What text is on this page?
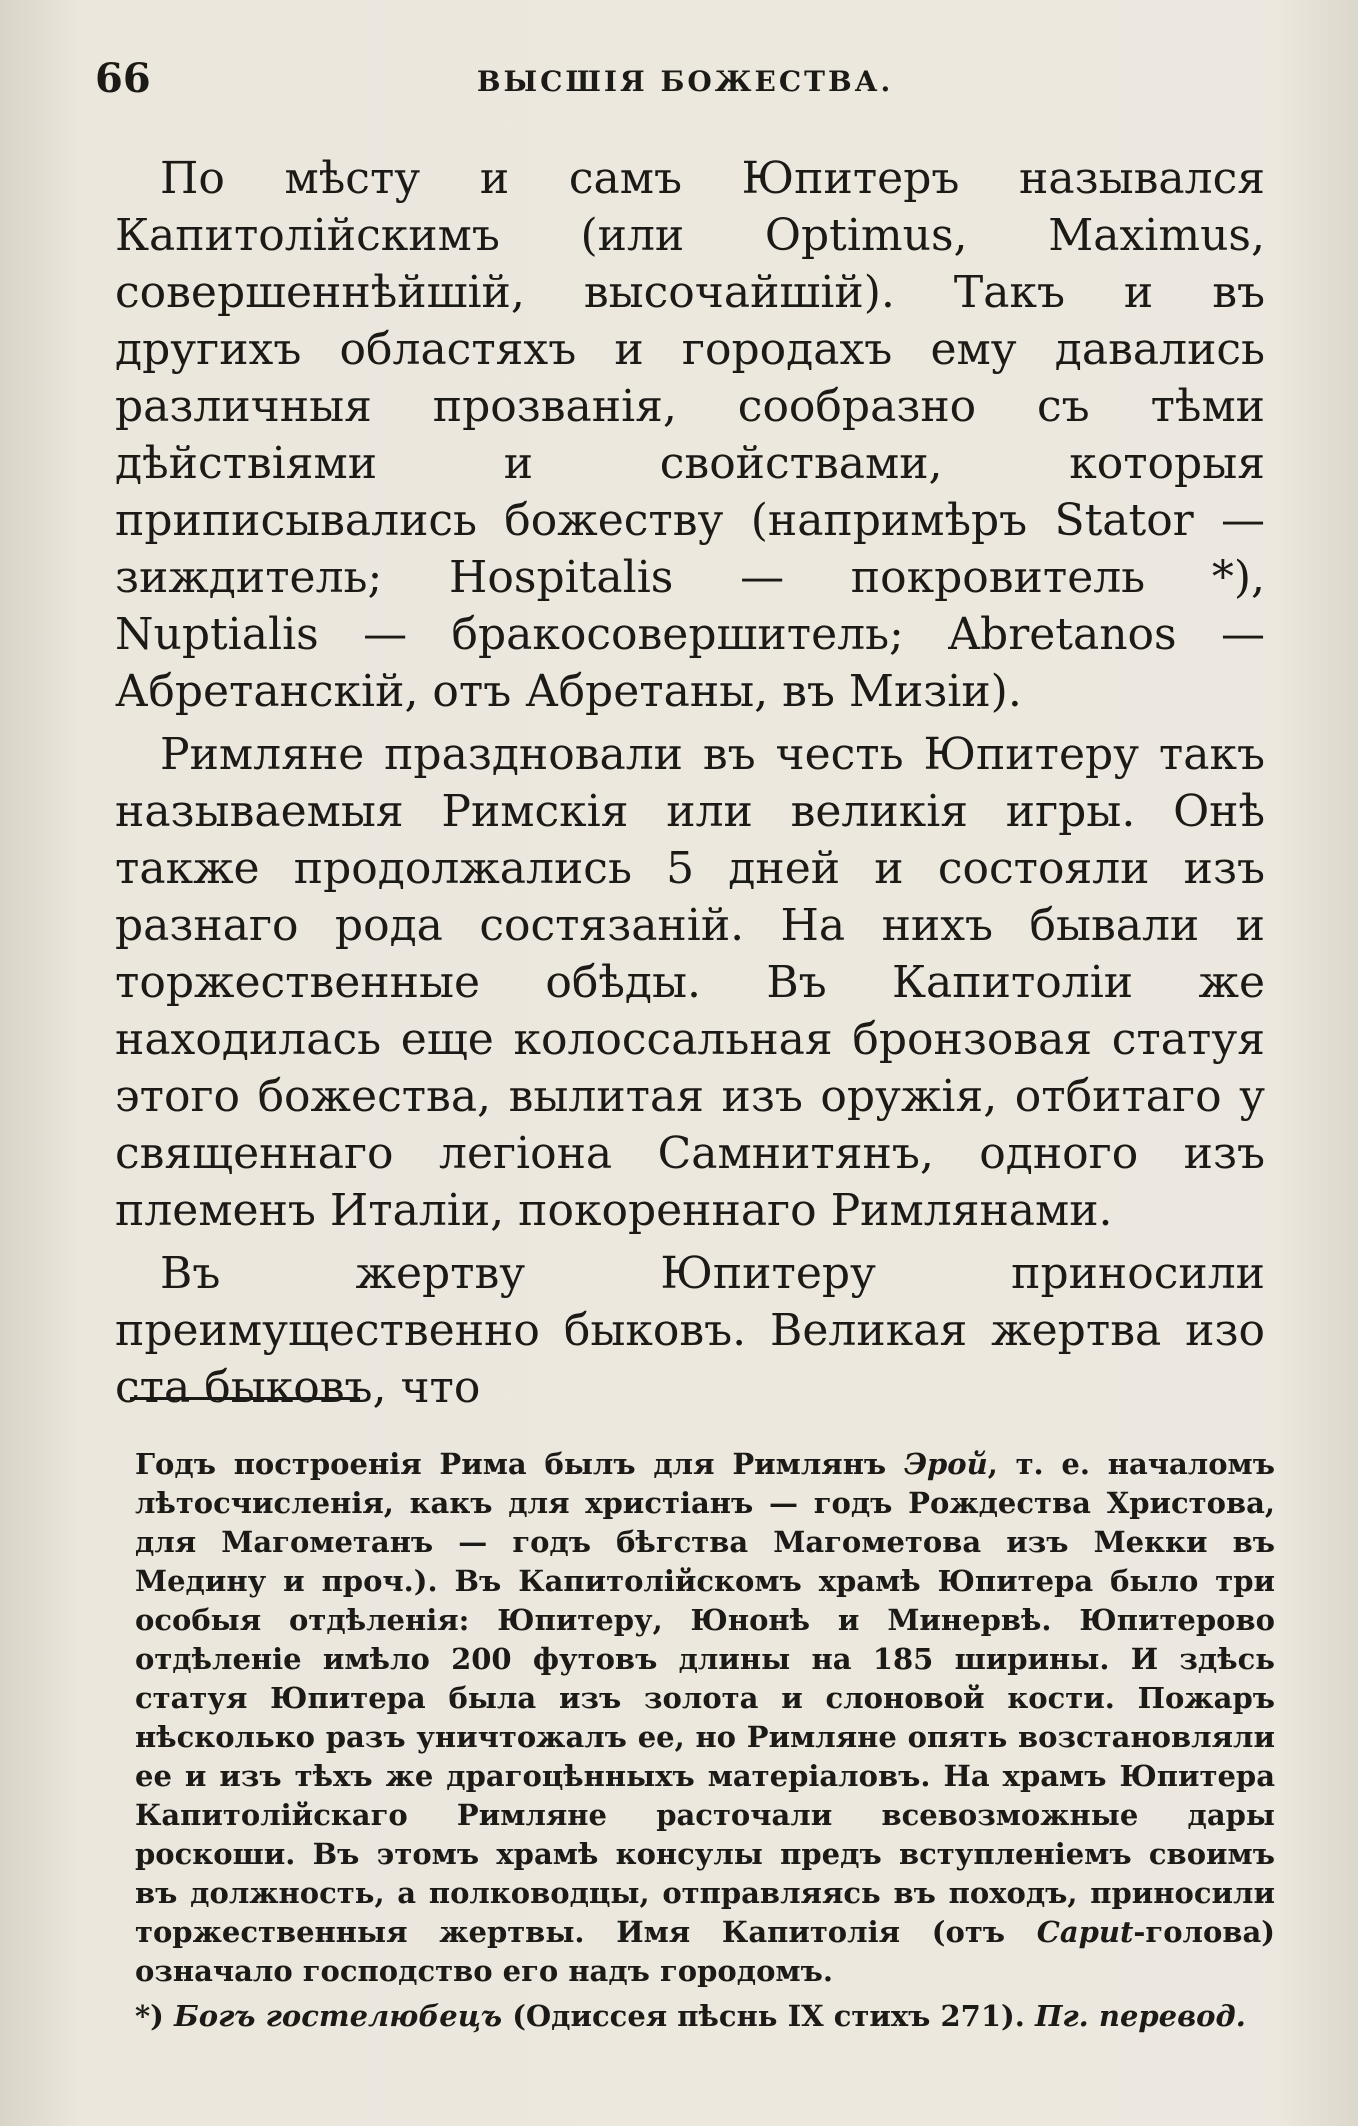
66	ВЫСШІЯ БОЖЕСТВА.

По мѣсту и самъ Юпитеръ назывался Капитолійскимъ (или Optimus, Maximus, совершеннѣйшій, высочайшій). Такъ и въ другихъ областяхъ и городахъ ему давались различныя прозванія, сообразно съ тѣми дѣйствіями и свойствами, которыя приписывались божеству (напримѣръ Stator — зиждитель; Hospitalis — покровитель *), Nuptialis — бракосовершитель; Abretanos — Абретанскій, отъ Абретаны, въ Мизіи).

Римляне праздновали въ честь Юпитеру такъ называемыя Римскія или великія игры. Онѣ также продолжались 5 дней и состояли изъ разнаго рода состязаній. На нихъ бывали и торжественные обѣды. Въ Капитоліи же находилась еще колоссальная бронзовая статуя этого божества, вылитая изъ оружія, отбитаго у священнаго легіона Самнитянъ, одного изъ племенъ Италіи, покореннаго Римлянами.

Въ жертву Юпитеру приносили преимущественно быковъ. Великая жертва изо ста быковъ, что

Годъ построенія Рима былъ для Римлянъ Эрой, т. е. началомъ лѣтосчисленія, какъ для христіанъ — годъ Рождества Христова, для Магометанъ — годъ бѣгства Магометова изъ Мекки въ Медину и проч.). Въ Капитолійскомъ храмѣ Юпитера было три особыя отдѣленія: Юпитеру, Юнонѣ и Минервѣ. Юпитерово отдѣленіе имѣло 200 футовъ длины на 185 ширины. И здѣсь статуя Юпитера была изъ золота и слоновой кости. Пожаръ нѣсколько разъ уничтожалъ ее, но Римляне опять возстановляли ее и изъ тѣхъ же драгоцѣнныхъ матеріаловъ. На храмъ Юпитера Капитолійскаго Римляне расточали всевозможные дары роскоши. Въ этомъ храмѣ консулы предъ вступленіемъ своимъ въ должность, а полководцы, отправляясь въ походъ, приносили торжественныя жертвы. Имя Капитолія (отъ Caput-голова) означало господство его надъ городомъ.

*) Богъ гостелюбецъ (Одиссея пѣснь IX стихъ 271). Пг. перевод.
